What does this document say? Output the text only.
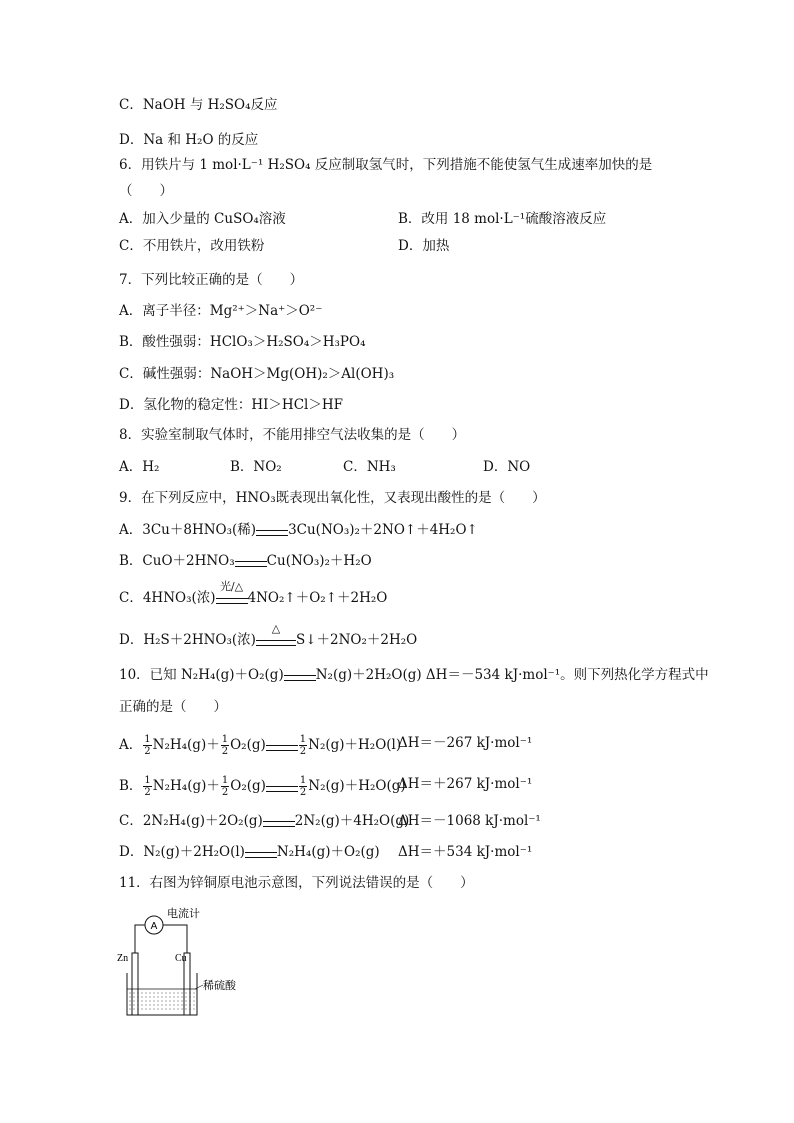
C．NaOH 与 H₂SO₄反应
D．Na 和 H₂O 的反应
6．用铁片与 1 mol·L⁻¹ H₂SO₄ 反应制取氢气时，下列措施不能使氢气生成速率加快的是
（　　）
A．加入少量的 CuSO₄溶液	B．改用 18 mol·L⁻¹硫酸溶液反应
C．不用铁片，改用铁粉	D．加热
7．下列比较正确的是（　　）
A．离子半径：Mg²⁺＞Na⁺＞O²⁻
B．酸性强弱：HClO₃＞H₂SO₄＞H₃PO₄
C．碱性强弱：NaOH＞Mg(OH)₂＞Al(OH)₃
D．氢化物的稳定性：HI＞HCl＞HF
8．实验室制取气体时，不能用排空气法收集的是（　　）
A．H₂	B．NO₂	C．NH₃	D．NO
9．在下列反应中，HNO₃既表现出氧化性，又表现出酸性的是（　　）
A．3Cu＋8HNO₃(稀) 3Cu(NO₃)₂＋2NO↑＋4H₂O↑
B．CuO＋2HNO₃ Cu(NO₃)₂＋H₂O
C．4HNO₃(浓)
光/△
4NO₂↑＋O₂↑＋2H₂O
D．H₂S＋2HNO₃(浓)
△
S↓＋2NO₂＋2H₂O
10．已知 N₂H₄(g)＋O₂(g) N₂(g)＋2H₂O(g) ΔH＝－534 kJ·mol⁻¹。则下列热化学方程式中
正确的是（　　）
A． $\frac{1}{2} N_2H_4(g)+ \frac{1}{2} O_2(g)$	$\frac{1}{2} N_2(g)+H_2O(l)$
ΔH＝－267 kJ·mol⁻¹
B． $\frac{1}{2} N_2H_4(g)+ \frac{1}{2} O_2(g)$	$\frac{1}{2} N_2(g)+H_2O(g)$
ΔH＝＋267 kJ·mol⁻¹
C．2N₂H₄(g)＋2O₂(g) 2N₂(g)＋4H₂O(g)
ΔH＝－1068 kJ·mol⁻¹
D．N₂(g)＋2H₂O(l) N₂H₄(g)＋O₂(g) ΔH＝＋534 kJ·mol⁻¹
11．右图为锌铜原电池示意图，下列说法错误的是（　　）
A
电流计
Zn	Cu
稀硫酸
